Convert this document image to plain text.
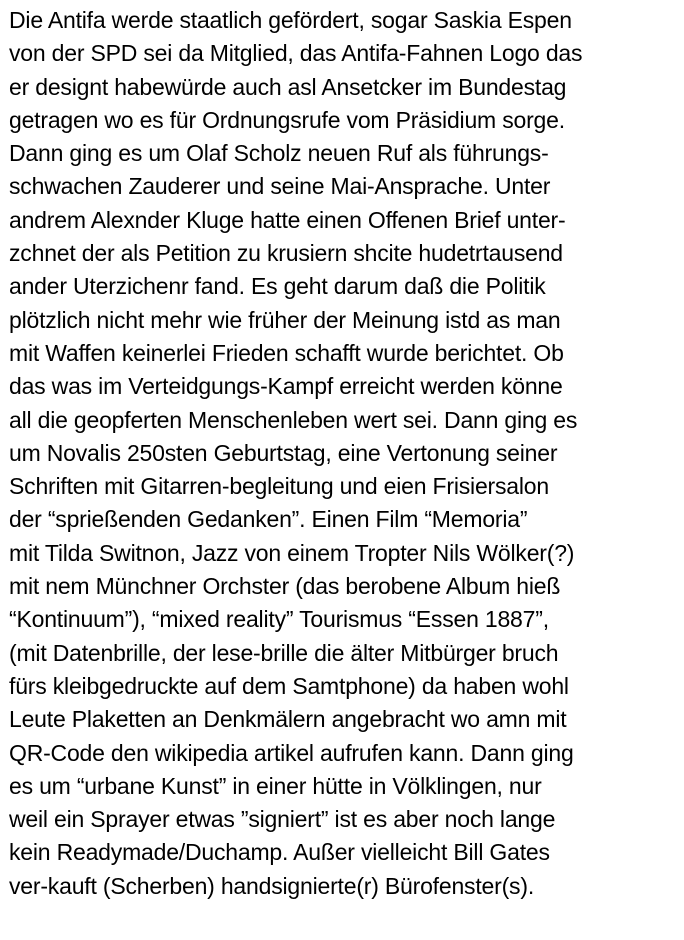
Die Antifa werde staatlich gefördert, sogar Saskia Espen
von der SPD sei da Mitglied, das Antifa-Fahnen Logo das
er designt habewürde auch asl Ansetcker im Bundestag
getragen wo es für Ordnungsrufe vom Präsidium sorge.
Dann ging es um Olaf Scholz neuen Ruf als führungs-
schwachen Zauderer und seine Mai-Ansprache. Unter
andrem Alexnder Kluge hatte einen Offenen Brief unter-
zchnet der als Petition zu krusiern shcite hudetrtausend
ander Uterzichenr fand. Es geht darum daß die Politik
plötzlich nicht mehr wie früher der Meinung istd as man
mit Waffen keinerlei Frieden schafft wurde berichtet. Ob
das was im Verteidgungs-Kampf erreicht werden könne
all die geopferten Menschenleben wert sei. Dann ging es
um Novalis 250sten Geburtstag, eine Vertonung seiner
Schriften mit Gitarren-begleitung und eien Frisiersalon
der “sprießenden Gedanken”. Einen Film “Memoria”
mit Tilda Switnon, Jazz von einem Tropter Nils Wölker(?)
mit nem Münchner Orchster (das berobene Album hieß
“Kontinuum”), “mixed reality” Tourismus “Essen 1887”,
(mit Datenbrille, der lese-brille die älter Mitbürger bruch
fürs kleibgedruckte auf dem Samtphone) da haben wohl
Leute Plaketten an Denkmälern angebracht wo amn mit
QR-Code den wikipedia artikel aufrufen kann. Dann ging
es um “urbane Kunst” in einer hütte in Völklingen, nur
weil ein Sprayer etwas ”signiert” ist es aber noch lange
kein Readymade/Duchamp. Außer vielleicht Bill Gates
ver-kauft (Scherben) handsignierte(r) Bürofenster(s).
